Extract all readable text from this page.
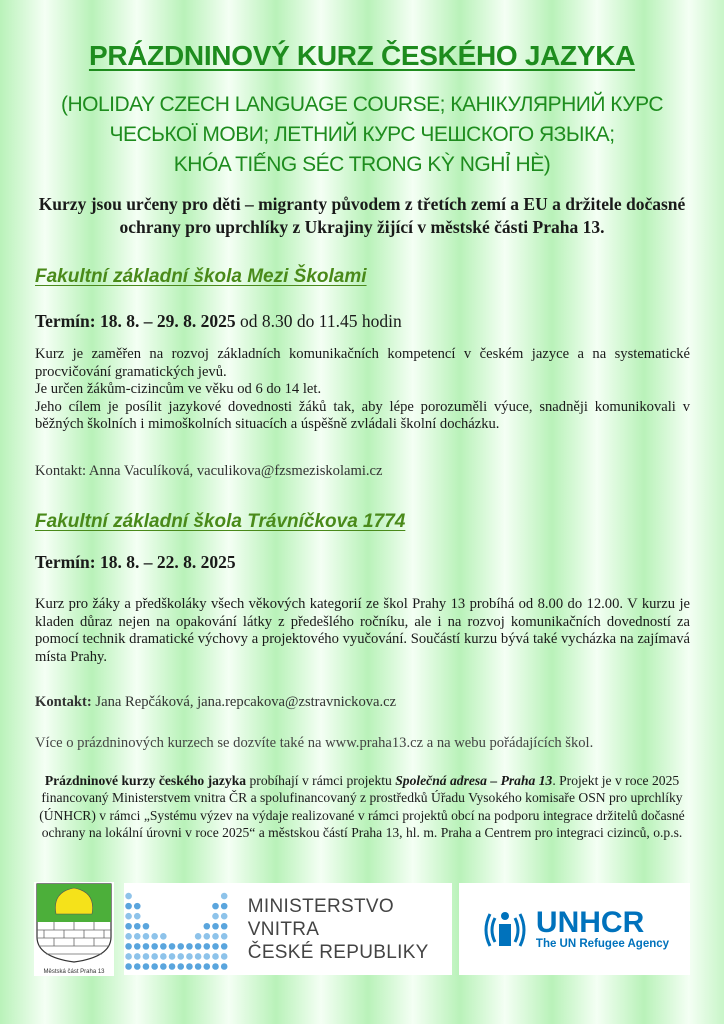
PRÁZDNINOVÝ KURZ ČESKÉHO JAZYKA
(HOLIDAY CZECH LANGUAGE COURSE; КАНІКУЛЯРНИЙ КУРС
ЧЕСЬКОЇ МОВИ; ЛЕТНИЙ КУРС ЧЕШСКОГО ЯЗЫКА;
KHÓA TIẾNG SÉC TRONG KỲ NGHỈ HÈ)
Kurzy jsou určeny pro děti – migranty původem z třetích zemí a EU a držitele dočasné ochrany pro uprchlíky z Ukrajiny žijící v městské části Praha 13.
Fakultní základní škola Mezi Školami
Termín: 18. 8. – 29. 8. 2025 od 8.30 do 11.45 hodin
Kurz je zaměřen na rozvoj základních komunikačních kompetencí v českém jazyce a na systematické procvičování gramatických jevů.
Je určen žákům-cizincům ve věku od 6 do 14 let.
Jeho cílem je posílit jazykové dovednosti žáků tak, aby lépe porozuměli výuce, snadněji komunikovali v běžných školních i mimoškolních situacích a úspěšně zvládali školní docházku.
Kontakt: Anna Vaculíková, vaculikova@fzsmeziskolami.cz
Fakultní základní škola Trávníčkova 1774
Termín: 18. 8. – 22. 8. 2025
Kurz pro žáky a předškoláky všech věkových kategorií ze škol Prahy 13 probíhá od 8.00 do 12.00. V kurzu je kladen důraz nejen na opakování látky z předešlého ročníku, ale i na rozvoj komunikačních dovedností za pomocí technik dramatické výchovy a projektového vyučování. Součástí kurzu bývá také vycházka na zajímavá místa Prahy.
Kontakt: Jana Repčáková, jana.repcakova@zstravnickova.cz
Více o prázdninových kurzech se dozvíte také na www.praha13.cz a na webu pořádajících škol.
Prázdninové kurzy českého jazyka probíhají v rámci projektu Společná adresa – Praha 13. Projekt je v roce 2025 financovaný Ministerstvem vnitra ČR a spolufinancovaný z prostředků Úřadu Vysokého komisaře OSN pro uprchlíky (ÚNHCR) v rámci „Systému výzev na výdaje realizované v rámci projektů obcí na podporu integrace držitelů dočasné ochrany na lokální úrovni v roce 2025“ a městskou částí Praha 13, hl. m. Praha a Centrem pro integraci cizinců, o.p.s.
Městská část Praha 13
MINISTERSTVO VNITRA
ČESKÉ REPUBLIKY
UNHCR
The UN Refugee Agency
